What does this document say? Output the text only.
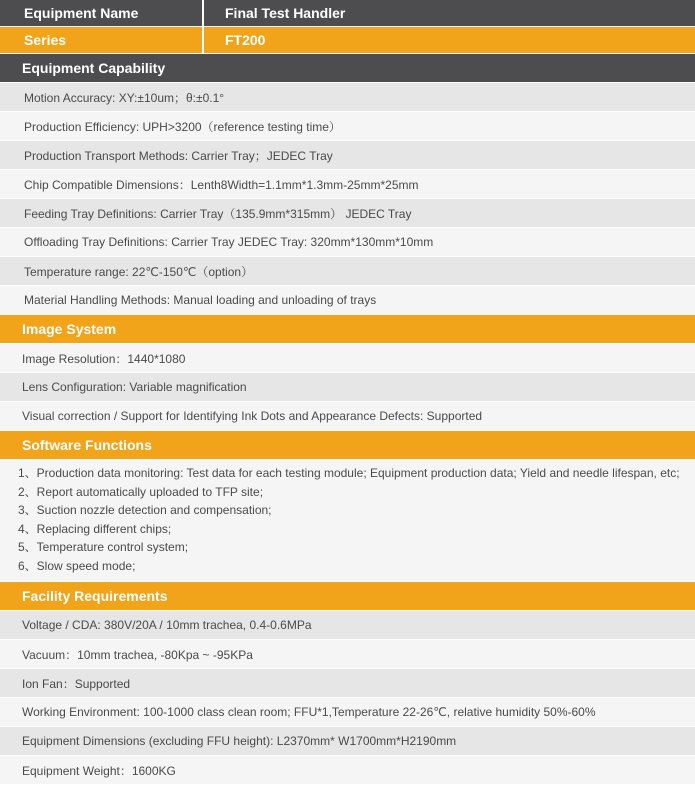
Equipment Name	Final Test Handler
Series	FT200
Equipment Capability
Motion Accuracy: XY:±10um；θ:±0.1°
Production Efficiency: UPH>3200（reference testing time）
Production Transport Methods: Carrier Tray；JEDEC Tray
Chip Compatible Dimensions：Lenth8Width=1.1mm*1.3mm-25mm*25mm
Feeding Tray Definitions: Carrier Tray（135.9mm*315mm） JEDEC Tray
Offloading Tray Definitions: Carrier Tray JEDEC Tray: 320mm*130mm*10mm
Temperature range: 22℃-150℃（option）
Material Handling Methods: Manual loading and unloading of trays
Image System
Image Resolution：1440*1080
Lens Configuration: Variable magnification
Visual correction / Support for Identifying Ink Dots and Appearance Defects: Supported
Software Functions
1、Production data monitoring: Test data for each testing module; Equipment production data; Yield and needle lifespan, etc;
2、Report automatically uploaded to TFP site;
3、Suction nozzle detection and compensation;
4、Replacing different chips;
5、Temperature control system;
6、Slow speed mode;
Facility Requirements
Voltage / CDA: 380V/20A / 10mm trachea, 0.4-0.6MPa
Vacuum：10mm trachea, -80Kpa ~ -95KPa
Ion Fan：Supported
Working Environment: 100-1000 class clean room; FFU*1,Temperature 22-26℃, relative humidity 50%-60%
Equipment Dimensions (excluding FFU height): L2370mm* W1700mm*H2190mm
Equipment Weight：1600KG
